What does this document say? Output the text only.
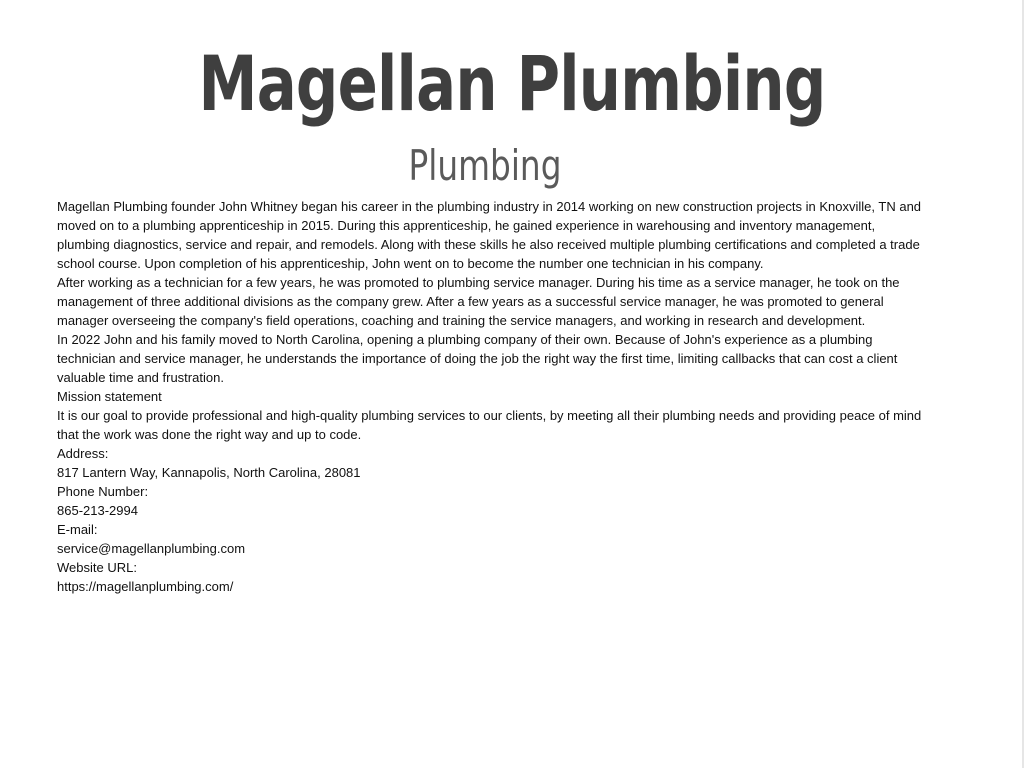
Magellan Plumbing
Plumbing

Magellan Plumbing founder John Whitney began his career in the plumbing industry in 2014 working on new construction projects in Knoxville, TN and moved on to a plumbing apprenticeship in 2015. During this apprenticeship, he gained experience in warehousing and inventory management, plumbing diagnostics, service and repair, and remodels. Along with these skills he also received multiple plumbing certifications and completed a trade school course. Upon completion of his apprenticeship, John went on to become the number one technician in his company.

After working as a technician for a few years, he was promoted to plumbing service manager. During his time as a service manager, he took on the management of three additional divisions as the company grew. After a few years as a successful service manager, he was promoted to general manager overseeing the company's field operations, coaching and training the service managers, and working in research and development.

In 2022 John and his family moved to North Carolina, opening a plumbing company of their own. Because of John's experience as a plumbing technician and service manager, he understands the importance of doing the job the right way the first time, limiting callbacks that can cost a client valuable time and frustration.

Mission statement

It is our goal to provide professional and high-quality plumbing services to our clients, by meeting all their plumbing needs and providing peace of mind that the work was done the right way and up to code.

Address:

817 Lantern Way, Kannapolis, North Carolina, 28081

Phone Number:

865-213-2994

E-mail:

service@magellanplumbing.com

Website URL:

https://magellanplumbing.com/
